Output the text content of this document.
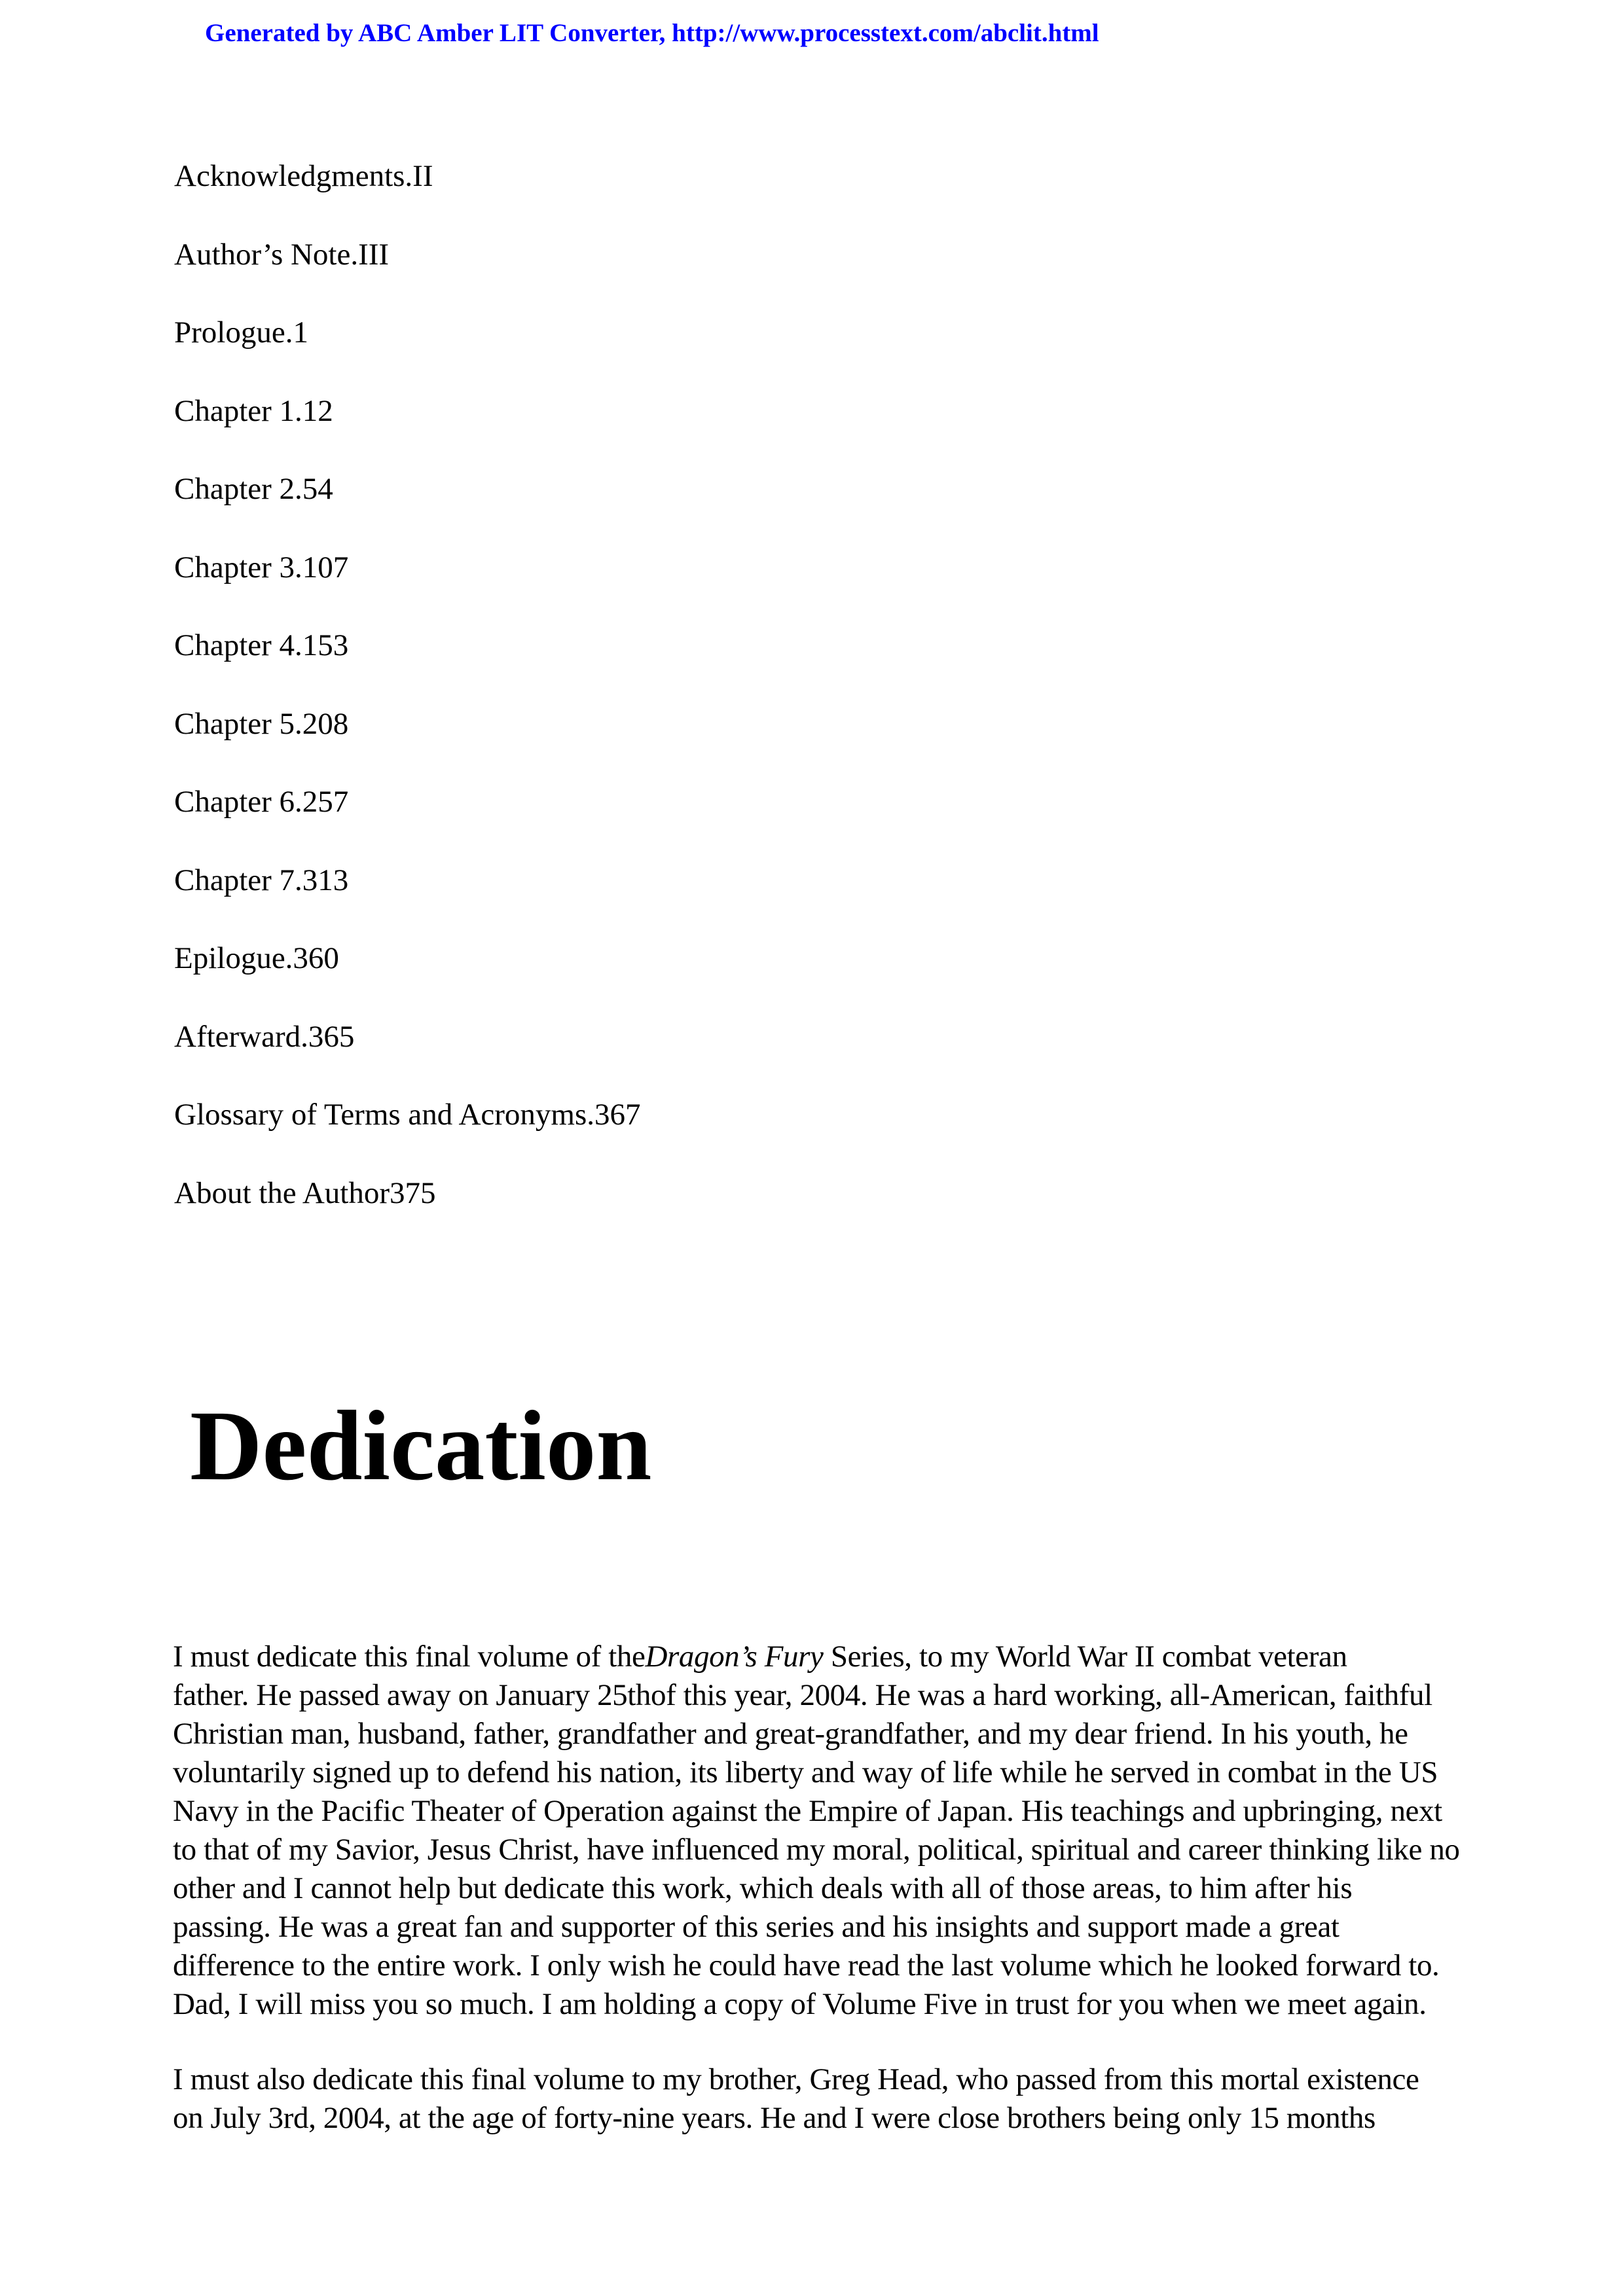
Generated by ABC Amber LIT Converter, http://www.processtext.com/abclit.html
Acknowledgments.II
Author’s Note.III
Prologue.1
Chapter 1.12
Chapter 2.54
Chapter 3.107
Chapter 4.153
Chapter 5.208
Chapter 6.257
Chapter 7.313
Epilogue.360
Afterward.365
Glossary of Terms and Acronyms.367
About the Author375
Dedication

I must dedicate this final volume of theDragon’s Fury Series, to my World War II combat veteran
father. He passed away on January 25thof this year, 2004. He was a hard working, all-American, faithful
Christian man, husband, father, grandfather and great-grandfather, and my dear friend. In his youth, he
voluntarily signed up to defend his nation, its liberty and way of life while he served in combat in the US
Navy in the Pacific Theater of Operation against the Empire of Japan. His teachings and upbringing, next
to that of my Savior, Jesus Christ, have influenced my moral, political, spiritual and career thinking like no
other and I cannot help but dedicate this work, which deals with all of those areas, to him after his
passing. He was a great fan and supporter of this series and his insights and support made a great
difference to the entire work. I only wish he could have read the last volume which he looked forward to.
Dad, I will miss you so much. I am holding a copy of Volume Five in trust for you when we meet again.

I must also dedicate this final volume to my brother, Greg Head, who passed from this mortal existence
on July 3rd, 2004, at the age of forty-nine years. He and I were close brothers being only 15 months
